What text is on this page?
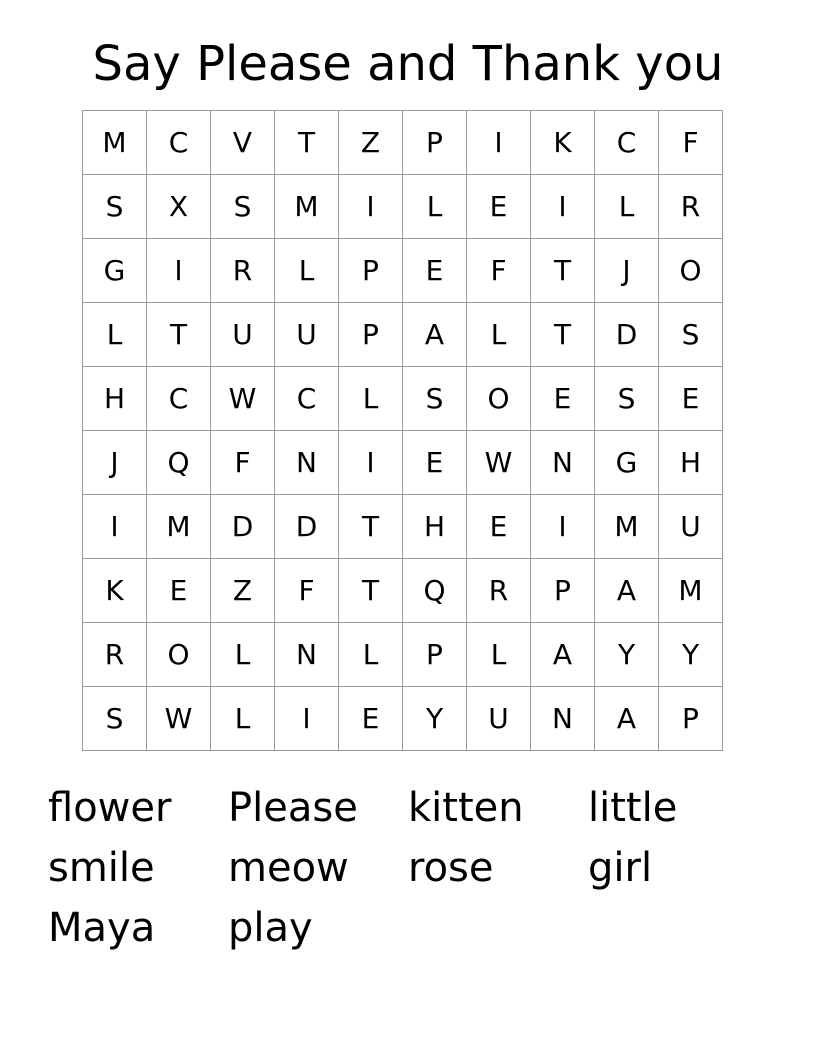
Say Please and Thank you
M	C	V	T	Z	P	I	K	C	F
S	X	S	M	I	L	E	I	L	R
G	I	R	L	P	E	F	T	J	O
L	T	U	U	P	A	L	T	D	S
H	C	W	C	L	S	O	E	S	E
J	Q	F	N	I	E	W	N	G	H
I	M	D	D	T	H	E	I	M	U
K	E	Z	F	T	Q	R	P	A	M
R	O	L	N	L	P	L	A	Y	Y
S	W	L	I	E	Y	U	N	A	P
flower	Please	kitten	little
smile	meow	rose	girl
Maya	play
